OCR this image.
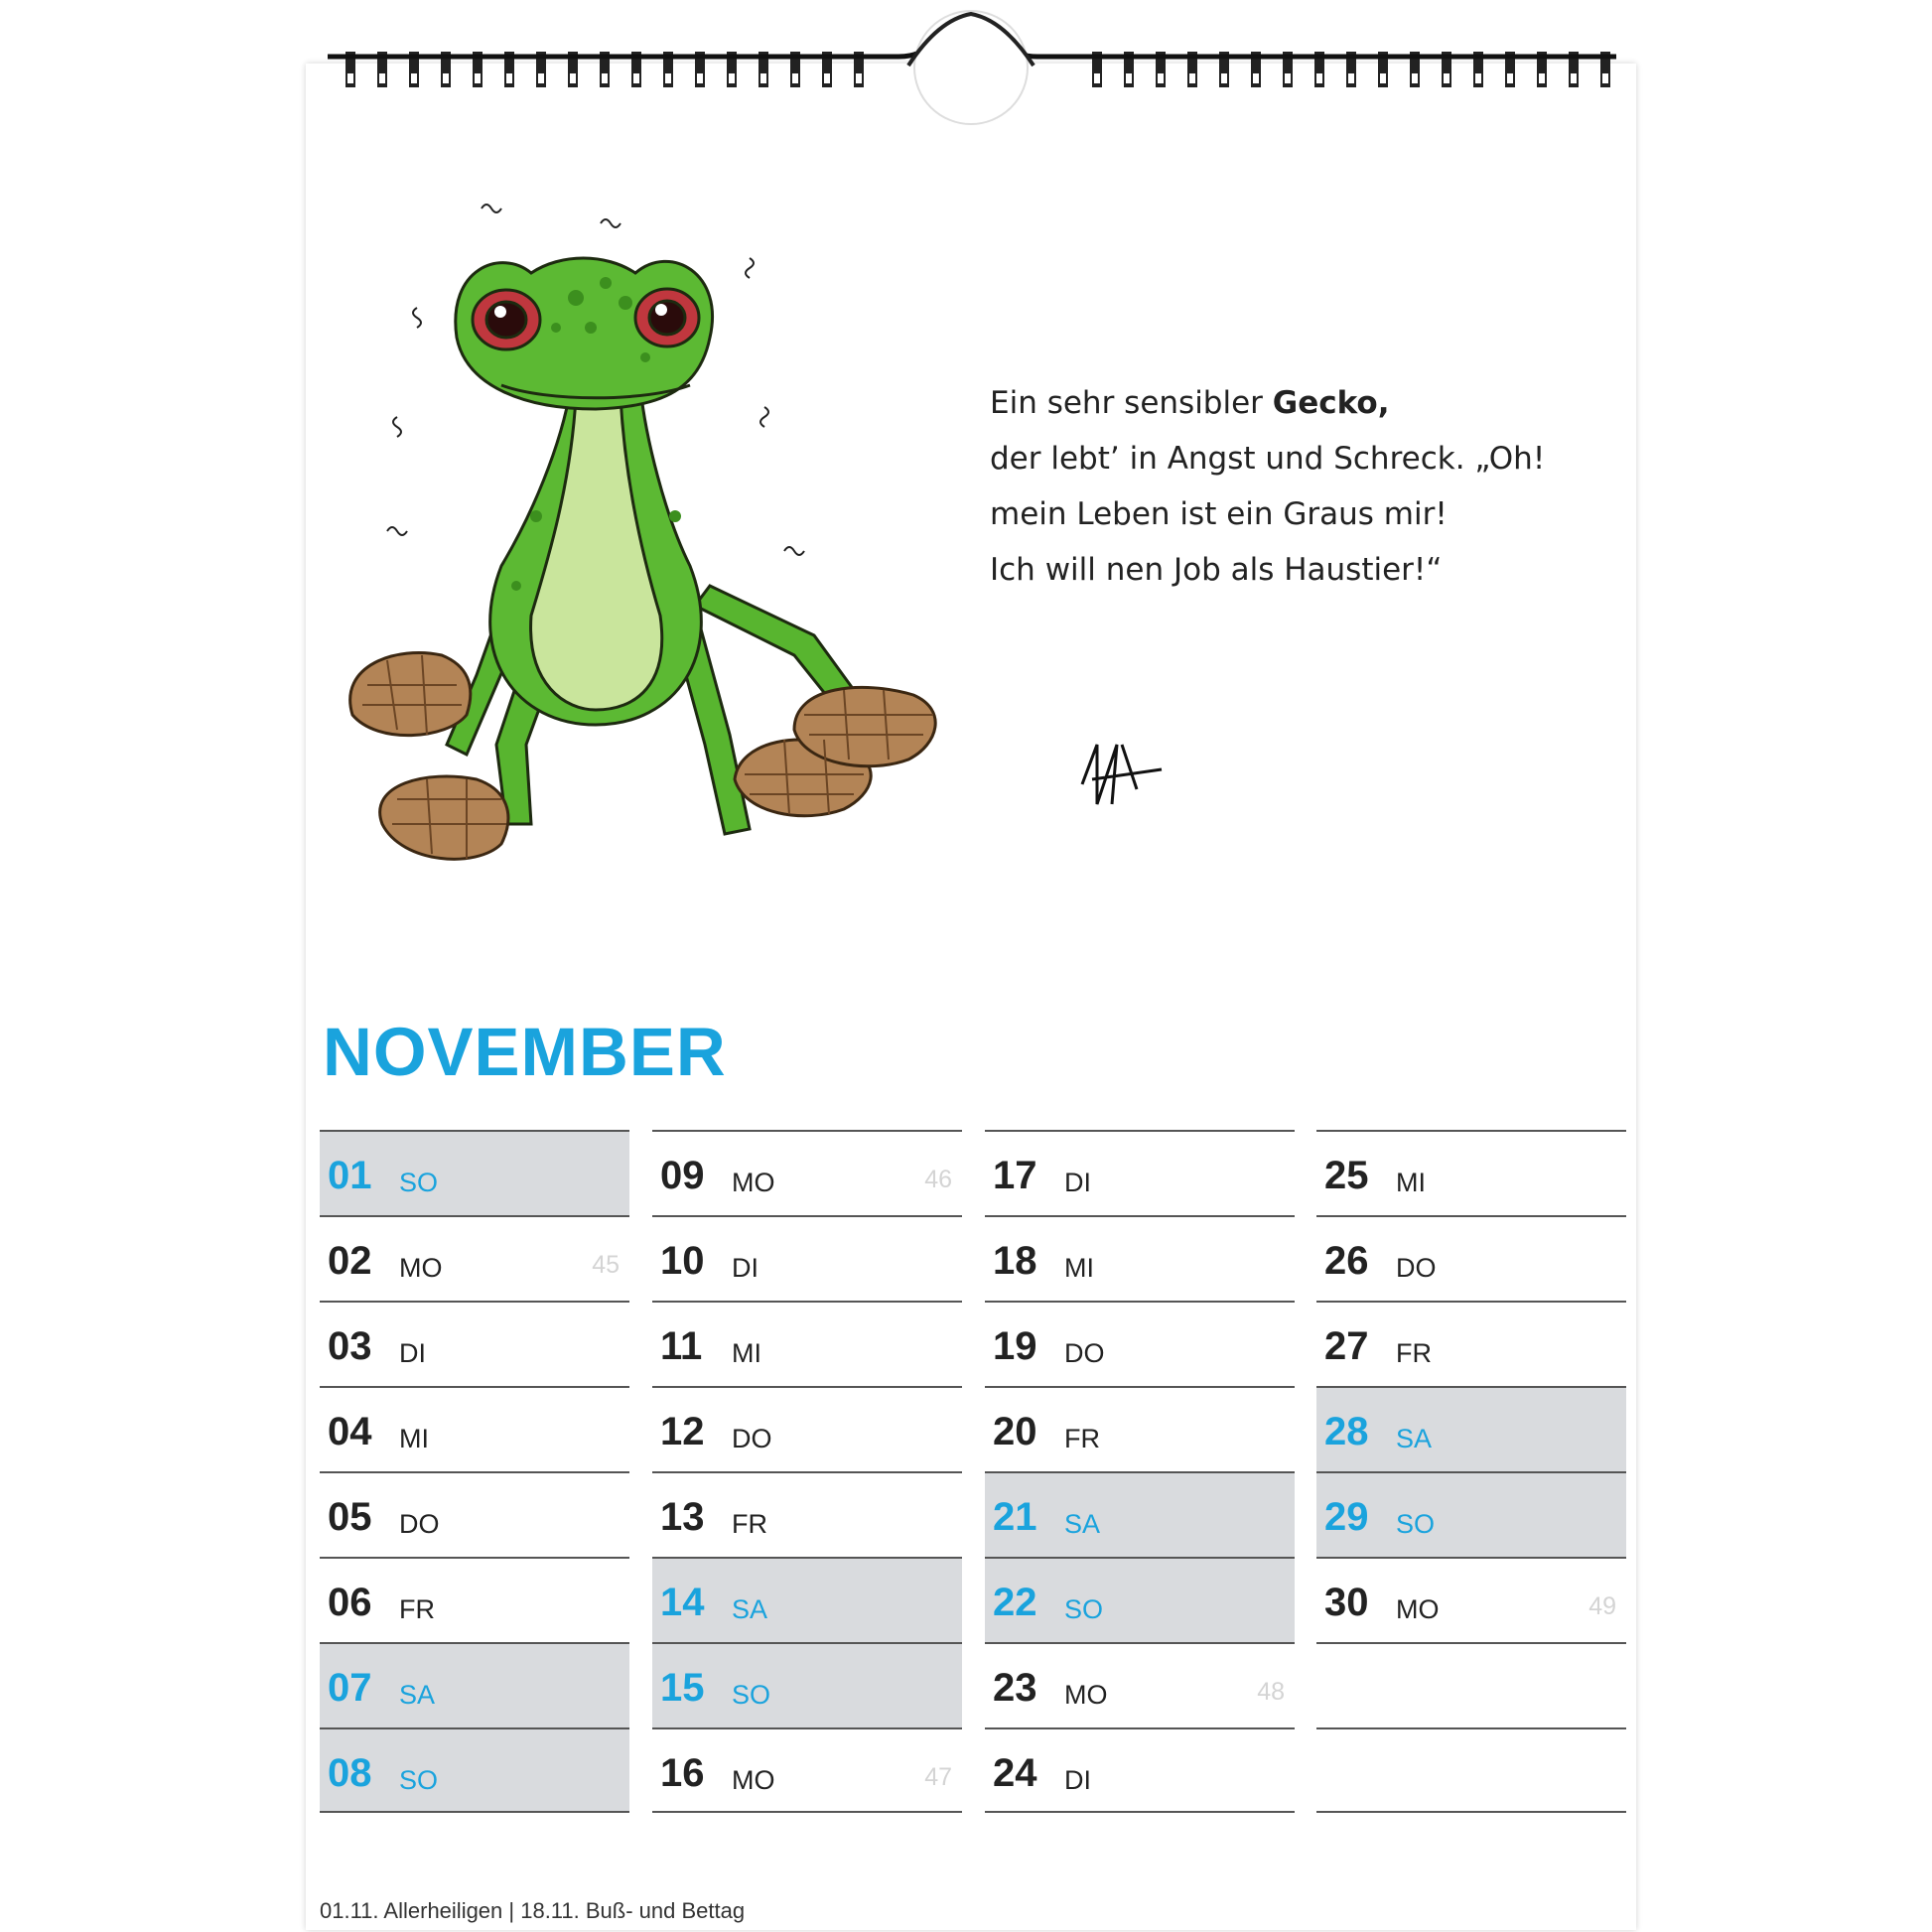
Ein sehr sensibler Gecko,
der lebt’ in Angst und Schreck. „Oh!
mein Leben ist ein Graus mir!
Ich will nen Job als Haustier!“
NOVEMBER
01 SO
02 MO	45
03 DI
04 MI
05 DO
06 FR
07 SA
08 SO
09 MO	46
10 DI
11 MI
12 DO
13 FR
14 SA
15 SO
16 MO	47
17 DI
18 MI
19 DO
20 FR
21 SA
22 SO
23 MO	48
24 DI
25 MI
26 DO
27 FR
28 SA
29 SO
30 MO	49
01.11. Allerheiligen | 18.11. Buß- und Bettag
